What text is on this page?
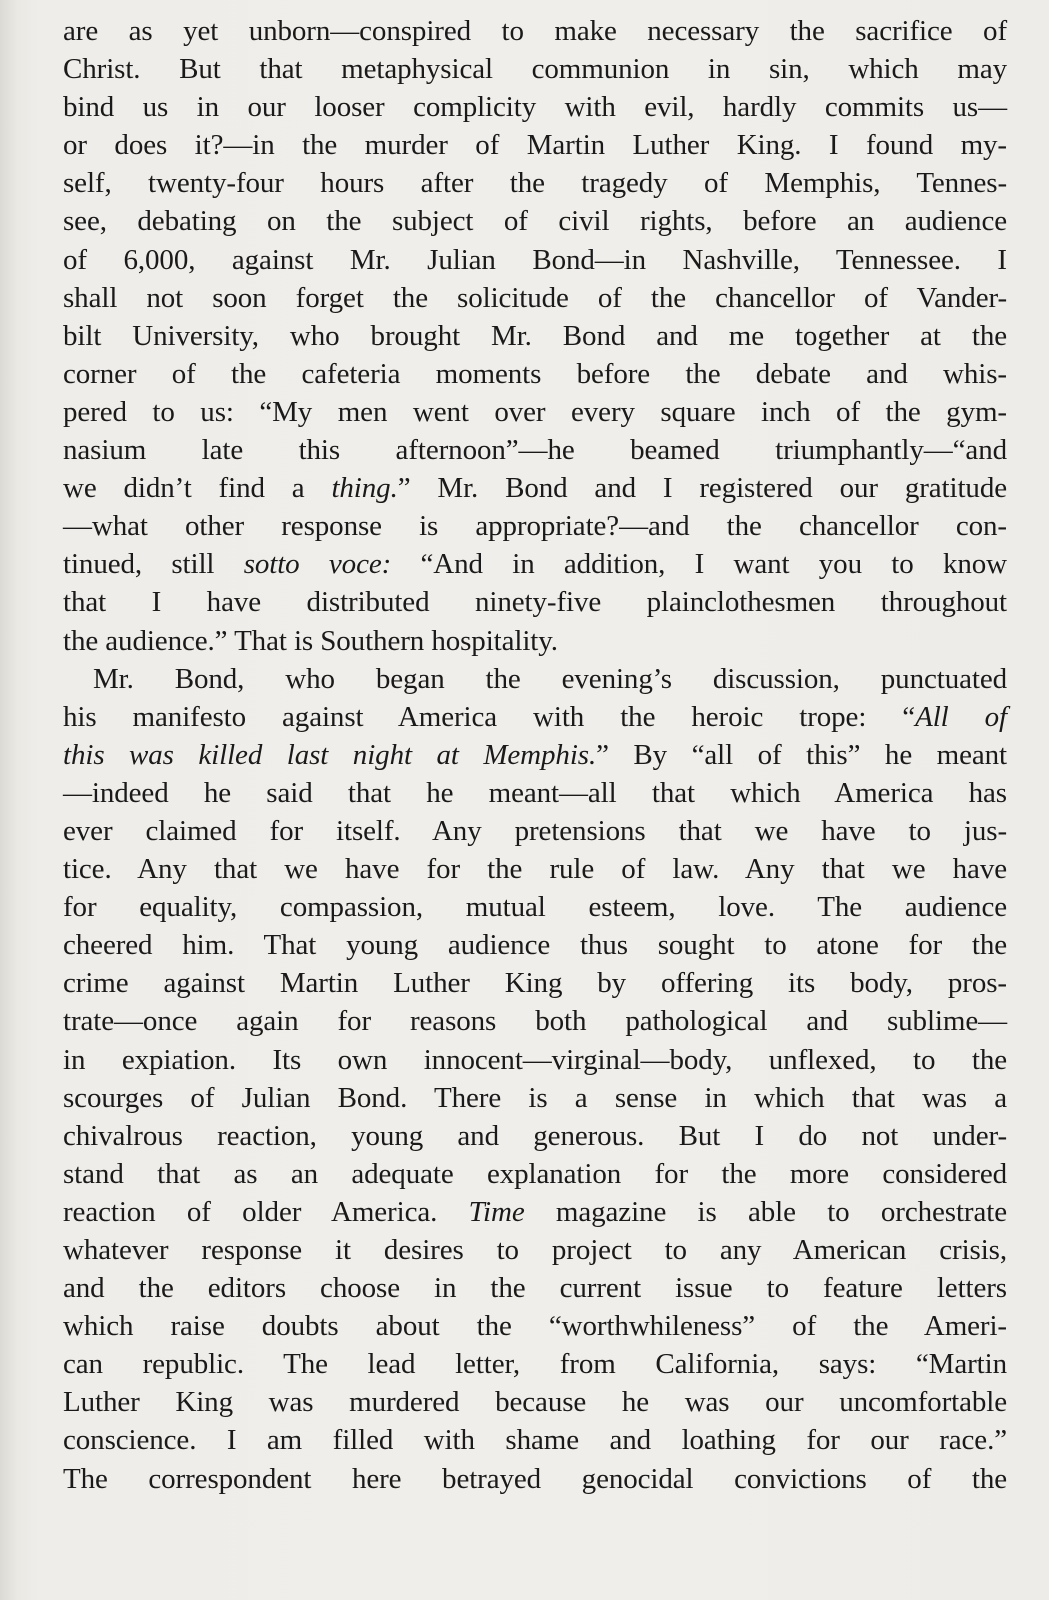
are as yet unborn—conspired to make necessary the sacrifice of
Christ. But that metaphysical communion in sin, which may
bind us in our looser complicity with evil, hardly commits us—
or does it?—in the murder of Martin Luther King. I found my-
self, twenty-four hours after the tragedy of Memphis, Tennes-
see, debating on the subject of civil rights, before an audience
of 6,000, against Mr. Julian Bond—in Nashville, Tennessee. I
shall not soon forget the solicitude of the chancellor of Vander-
bilt University, who brought Mr. Bond and me together at the
corner of the cafeteria moments before the debate and whis-
pered to us: “My men went over every square inch of the gym-
nasium late this afternoon”—he beamed triumphantly—“and
we didn’t find a thing.” Mr. Bond and I registered our gratitude
—what other response is appropriate?—and the chancellor con-
tinued, still sotto voce: “And in addition, I want you to know
that I have distributed ninety-five plainclothesmen throughout
the audience.” That is Southern hospitality.
Mr. Bond, who began the evening’s discussion, punctuated
his manifesto against America with the heroic trope: “All of
this was killed last night at Memphis.” By “all of this” he meant
—indeed he said that he meant—all that which America has
ever claimed for itself. Any pretensions that we have to jus-
tice. Any that we have for the rule of law. Any that we have
for equality, compassion, mutual esteem, love. The audience
cheered him. That young audience thus sought to atone for the
crime against Martin Luther King by offering its body, pros-
trate—once again for reasons both pathological and sublime—
in expiation. Its own innocent—virginal—body, unflexed, to the
scourges of Julian Bond. There is a sense in which that was a
chivalrous reaction, young and generous. But I do not under-
stand that as an adequate explanation for the more considered
reaction of older America. Time magazine is able to orchestrate
whatever response it desires to project to any American crisis,
and the editors choose in the current issue to feature letters
which raise doubts about the “worthwhileness” of the Ameri-
can republic. The lead letter, from California, says: “Martin
Luther King was murdered because he was our uncomfortable
conscience. I am filled with shame and loathing for our race.”
The correspondent here betrayed genocidal convictions of the
